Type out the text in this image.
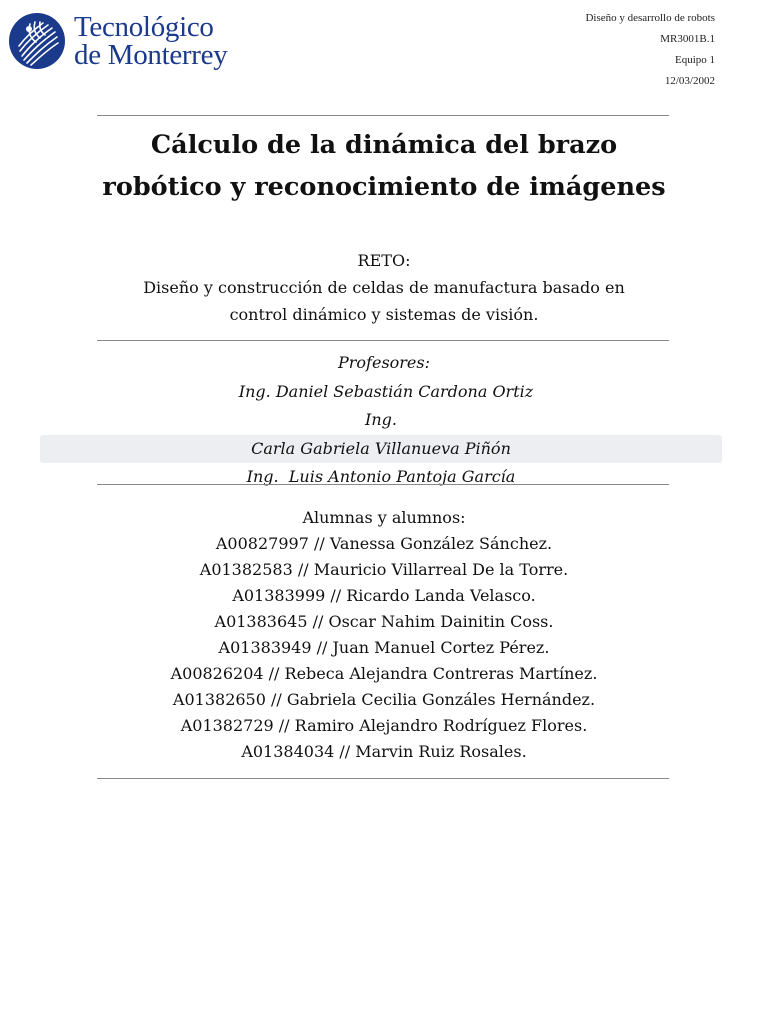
Tecnológico
de Monterrey
Diseño y desarrollo de robots
MR3001B.1
Equipo 1
12/03/2002
Cálculo de la dinámica del brazo
robótico y reconocimiento de imágenes
RETO:
Diseño y construcción de celdas de manufactura basado en
control dinámico y sistemas de visión.
Profesores:
Ing. Daniel Sebastián Cardona Ortiz
Ing.
Carla Gabriela Villanueva Piñón
Ing. Luis Antonio Pantoja García
Alumnas y alumnos:
A00827997 // Vanessa González Sánchez.
A01382583 // Mauricio Villarreal De la Torre.
A01383999 // Ricardo Landa Velasco.
A01383645 // Oscar Nahim Dainitin Coss.
A01383949 // Juan Manuel Cortez Pérez.
A00826204 // Rebeca Alejandra Contreras Martínez.
A01382650 // Gabriela Cecilia Gonzáles Hernández.
A01382729 // Ramiro Alejandro Rodríguez Flores.
A01384034 // Marvin Ruiz Rosales.
